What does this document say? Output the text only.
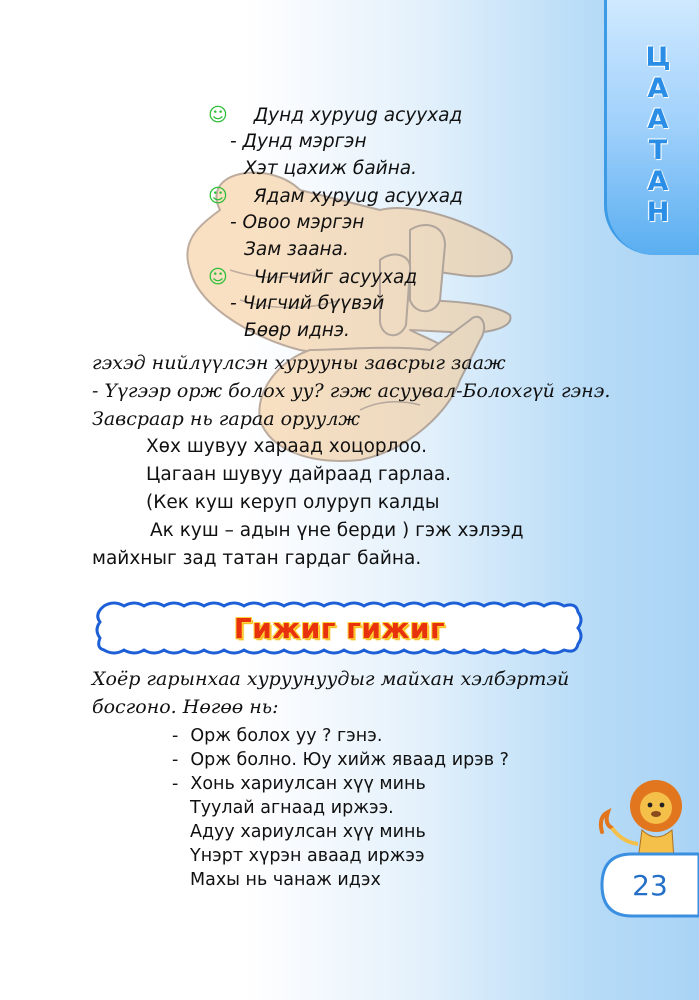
Ц
А
А
Т
А
Н
☺ Дунд хуруug асуухад
- Дунд мэргэн
Хэт цахиж байна.
☺ Ядам хуруug асуухад
- Овоо мэргэн
Зам заана.
☺ Чигчийг асуухад
- Чигчий бүүвэй
Бөөр иднэ.
гэхэд нийлүүлсэн хурууны завсрыг зааж
- Үүгээр орж болох уу? гэж асуувал-Болохгүй гэнэ.
Завсраар нь гараа оруулж
Хөх шувуу хараад хоцорлоо.
Цагаан шувуу дайраад гарлаа.
(Кек куш керуп олуруп калды
Ак куш – адын үне берди ) гэж хэлээд
майхныг зад татан гардаг байна.
Гижиг гижиг
Хоёр гарынхаа хуруунуудыг майхан хэлбэртэй
босгоно. Нөгөө нь:
- Орж болох уу ? гэнэ.
- Орж болно. Юу хийж яваад ирэв ?
- Хонь хариулсан хүү минь
Туулай агнаад иржээ.
Адуу хариулсан хүү минь
Үнэрт хүрэн аваад иржээ
Махы нь чанаж идэх	23
